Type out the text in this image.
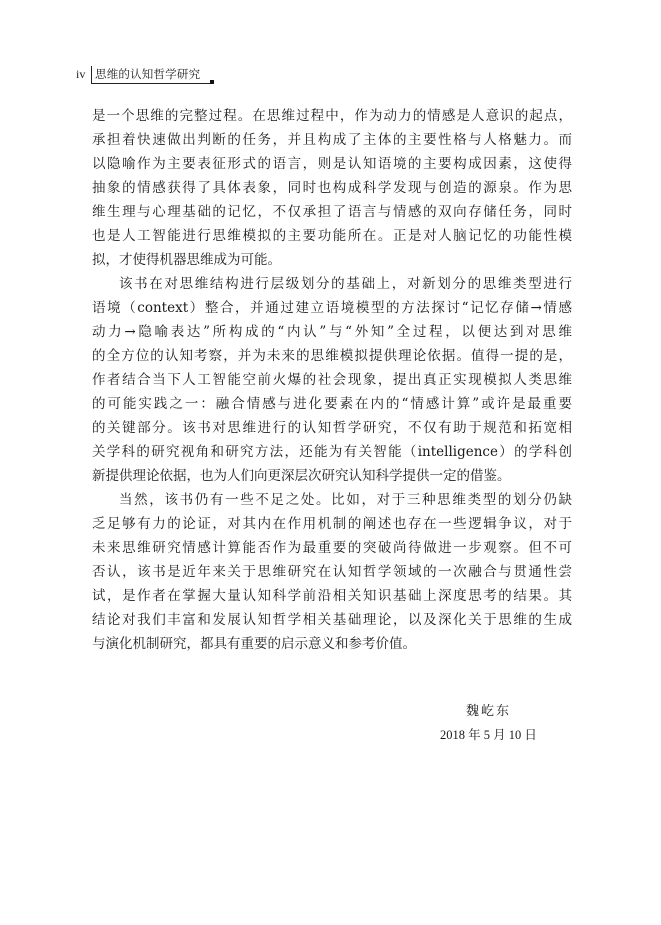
iv 思维的认知哲学研究
是一个思维的完整过程。在思维过程中，作为动力的情感是人意识的起点，
承担着快速做出判断的任务，并且构成了主体的主要性格与人格魅力。而
以隐喻作为主要表征形式的语言，则是认知语境的主要构成因素，这使得
抽象的情感获得了具体表象，同时也构成科学发现与创造的源泉。作为思
维生理与心理基础的记忆，不仅承担了语言与情感的双向存储任务，同时
也是人工智能进行思维模拟的主要功能所在。正是对人脑记忆的功能性模
拟，才使得机器思维成为可能。
该书在对思维结构进行层级划分的基础上，对新划分的思维类型进行
语境（context）整合，并通过建立语境模型的方法探讨“记忆存储→情感
动力→隐喻表达”所构成的“内认”与“外知”全过程，以便达到对思维
的全方位的认知考察，并为未来的思维模拟提供理论依据。值得一提的是，
作者结合当下人工智能空前火爆的社会现象，提出真正实现模拟人类思维
的可能实践之一：融合情感与进化要素在内的“情感计算”或许是最重要
的关键部分。该书对思维进行的认知哲学研究，不仅有助于规范和拓宽相
关学科的研究视角和研究方法，还能为有关智能（intelligence）的学科创
新提供理论依据，也为人们向更深层次研究认知科学提供一定的借鉴。
当然，该书仍有一些不足之处。比如，对于三种思维类型的划分仍缺
乏足够有力的论证，对其内在作用机制的阐述也存在一些逻辑争议，对于
未来思维研究情感计算能否作为最重要的突破尚待做进一步观察。但不可
否认，该书是近年来关于思维研究在认知哲学领域的一次融合与贯通性尝
试，是作者在掌握大量认知科学前沿相关知识基础上深度思考的结果。其
结论对我们丰富和发展认知哲学相关基础理论，以及深化关于思维的生成
与演化机制研究，都具有重要的启示意义和参考价值。
魏屹东
2018 年 5 月 10 日
